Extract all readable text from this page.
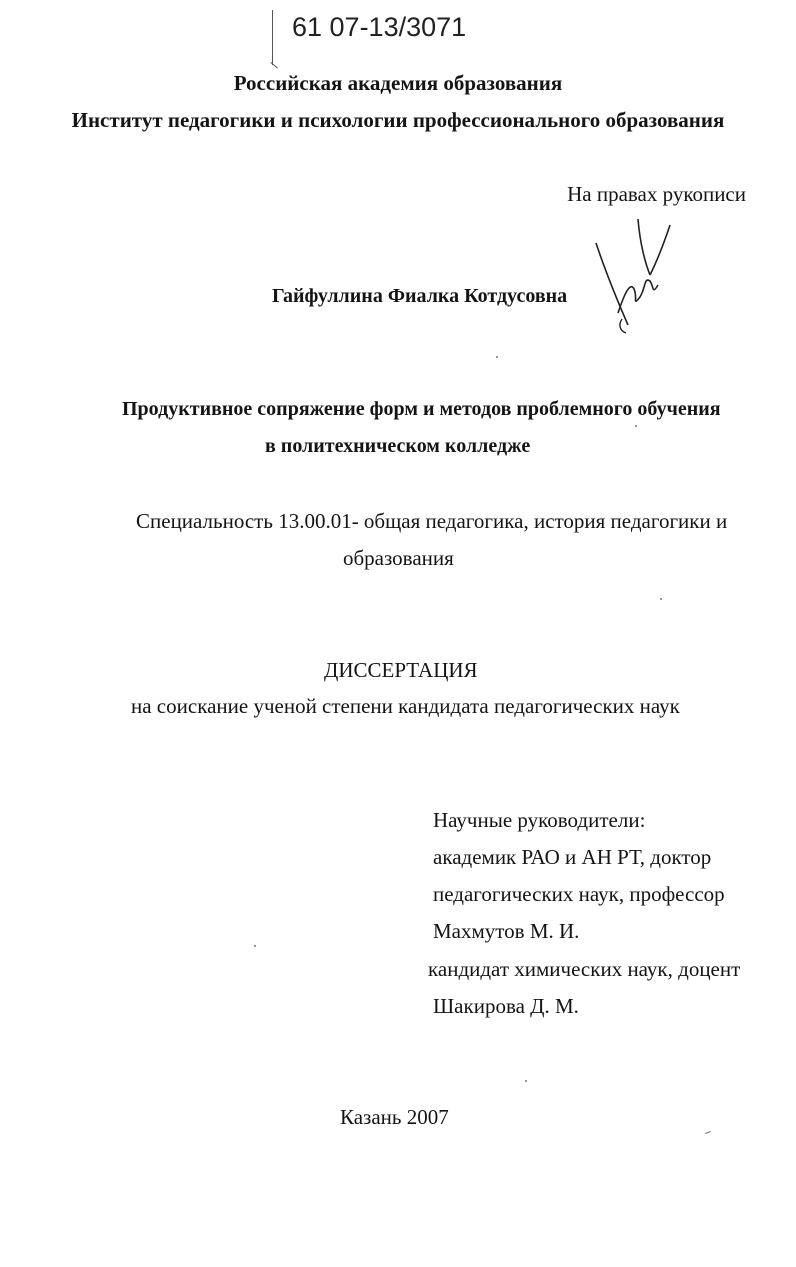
61 07-13/3071
Российская академия образования
Институт педагогики и психологии профессионального образования
На правах рукописи
Гайфуллина Фиалка Котдусовна
Продуктивное сопряжение форм и методов проблемного обучения
в политехническом колледже
Специальность 13.00.01- общая педагогика, история педагогики и
образования
ДИССЕРТАЦИЯ
на соискание ученой степени кандидата педагогических наук
Научные руководители:
академик РАО и АН РТ, доктор
педагогических наук, профессор
Махмутов М. И.
кандидат химических наук, доцент
Шакирова Д. М.
Казань 2007
